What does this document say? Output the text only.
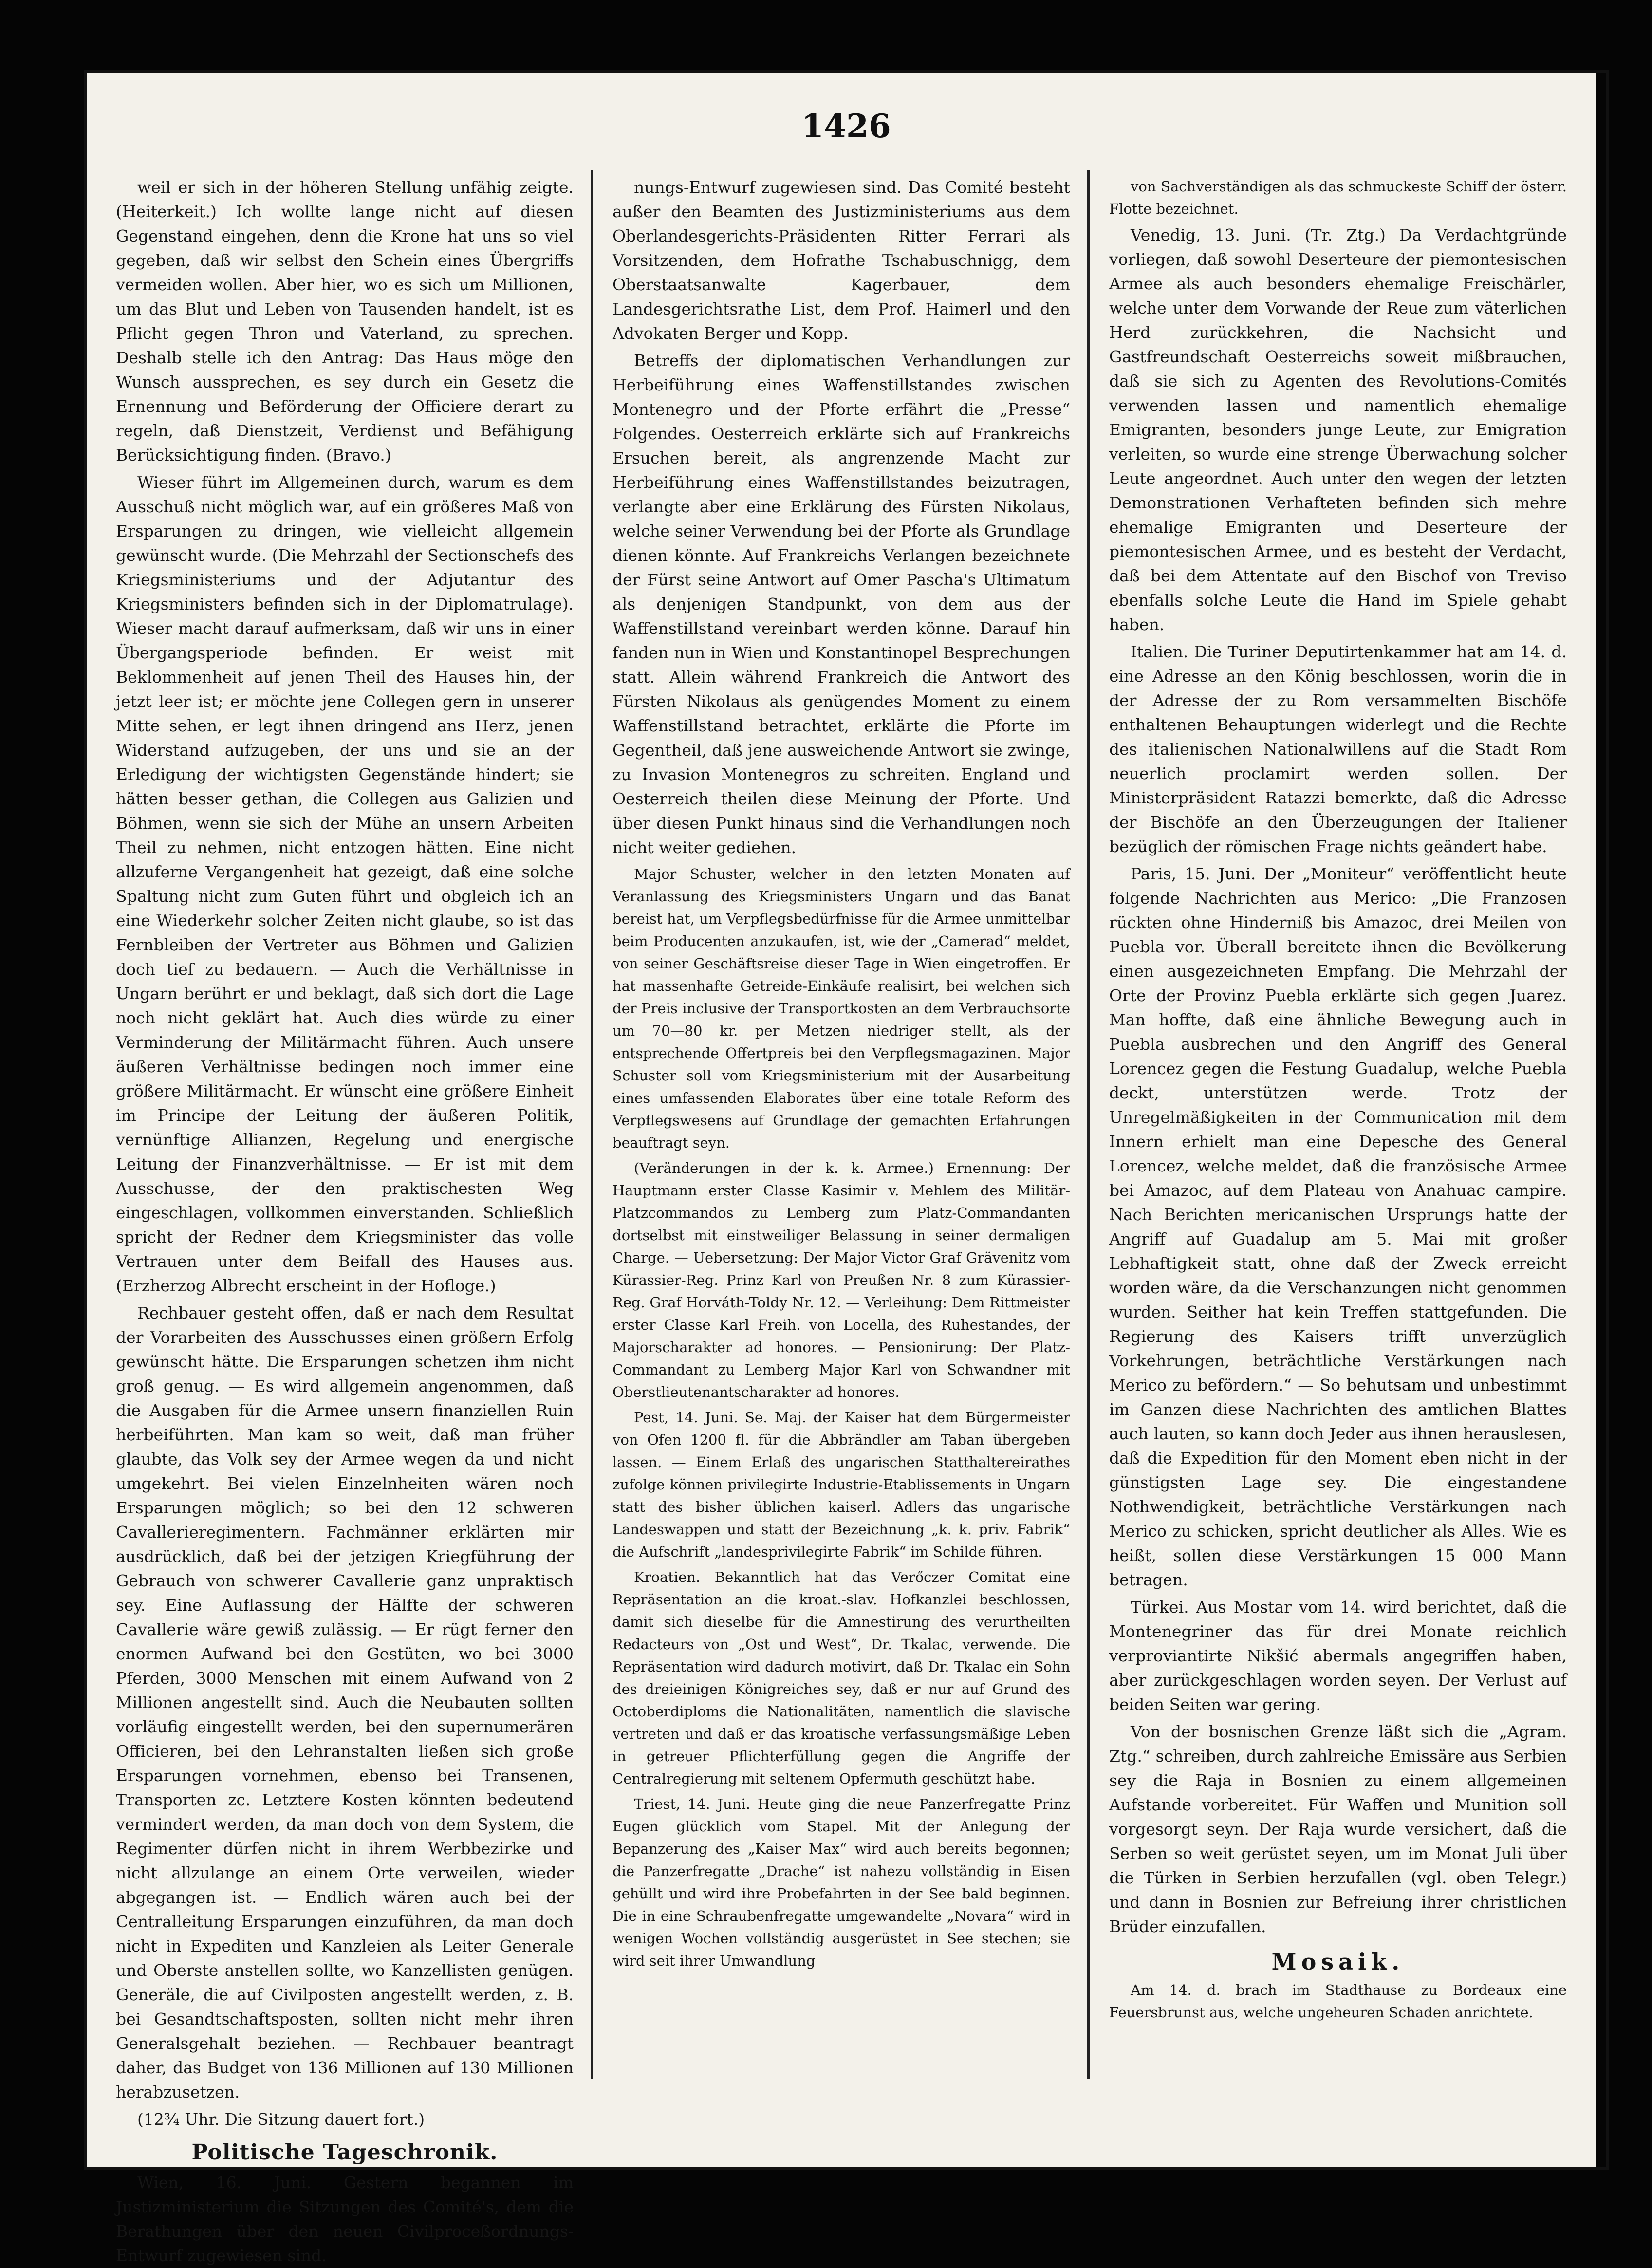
1426

weil er sich in der höheren Stellung unfähig zeigte. (Heiterkeit.) Ich wollte lange nicht auf diesen Gegenstand eingehen, denn die Krone hat uns so viel gegeben, daß wir selbst den Schein eines Übergriffs vermeiden wollen. Aber hier, wo es sich um Millionen, um das Blut und Leben von Tausenden handelt, ist es Pflicht gegen Thron und Vaterland, zu sprechen. Deshalb stelle ich den Antrag: Das Haus möge den Wunsch aussprechen, es sey durch ein Gesetz die Ernennung und Beförderung der Officiere derart zu regeln, daß Dienstzeit, Verdienst und Befähigung Berücksichtigung finden. (Bravo.)

Wieser führt im Allgemeinen durch, warum es dem Ausschuß nicht möglich war, auf ein größeres Maß von Ersparungen zu dringen, wie vielleicht allgemein gewünscht wurde. (Die Mehrzahl der Sectionschefs des Kriegsministeriums und der Adjutantur des Kriegsministers befinden sich in der Diplomatrulage). Wieser macht darauf aufmerksam, daß wir uns in einer Übergangsperiode befinden. Er weist mit Beklommenheit auf jenen Theil des Hauses hin, der jetzt leer ist; er möchte jene Collegen gern in unserer Mitte sehen, er legt ihnen dringend ans Herz, jenen Widerstand aufzugeben, der uns und sie an der Erledigung der wichtigsten Gegenstände hindert; sie hätten besser gethan, die Collegen aus Galizien und Böhmen, wenn sie sich der Mühe an unsern Arbeiten Theil zu nehmen, nicht entzogen hätten. Eine nicht allzuferne Vergangenheit hat gezeigt, daß eine solche Spaltung nicht zum Guten führt und obgleich ich an eine Wiederkehr solcher Zeiten nicht glaube, so ist das Fernbleiben der Vertreter aus Böhmen und Galizien doch tief zu bedauern. — Auch die Verhältnisse in Ungarn berührt er und beklagt, daß sich dort die Lage noch nicht geklärt hat. Auch dies würde zu einer Verminderung der Militärmacht führen. Auch unsere äußeren Verhältnisse bedingen noch immer eine größere Militärmacht. Er wünscht eine größere Einheit im Principe der Leitung der äußeren Politik, vernünftige Allianzen, Regelung und energische Leitung der Finanzverhältnisse. — Er ist mit dem Ausschusse, der den praktischesten Weg eingeschlagen, vollkommen einverstanden. Schließlich spricht der Redner dem Kriegsminister das volle Vertrauen unter dem Beifall des Hauses aus. (Erzherzog Albrecht erscheint in der Hofloge.)

Rechbauer gesteht offen, daß er nach dem Resultat der Vorarbeiten des Ausschusses einen größern Erfolg gewünscht hätte. Die Ersparungen schetzen ihm nicht groß genug. — Es wird allgemein angenommen, daß die Ausgaben für die Armee unsern finanziellen Ruin herbeiführten. Man kam so weit, daß man früher glaubte, das Volk sey der Armee wegen da und nicht umgekehrt. Bei vielen Einzelnheiten wären noch Ersparungen möglich; so bei den 12 schweren Cavallerieregimentern. Fachmänner erklärten mir ausdrücklich, daß bei der jetzigen Kriegführung der Gebrauch von schwerer Cavallerie ganz unpraktisch sey. Eine Auflassung der Hälfte der schweren Cavallerie wäre gewiß zulässig. — Er rügt ferner den enormen Aufwand bei den Gestüten, wo bei 3000 Pferden, 3000 Menschen mit einem Aufwand von 2 Millionen angestellt sind. Auch die Neubauten sollten vorläufig eingestellt werden, bei den supernumerären Officieren, bei den Lehranstalten ließen sich große Ersparungen vornehmen, ebenso bei Transenen, Transporten zc. Letztere Kosten könnten bedeutend vermindert werden, da man doch von dem System, die Regimenter dürfen nicht in ihrem Werbbezirke und nicht allzulange an einem Orte verweilen, wieder abgegangen ist. — Endlich wären auch bei der Centralleitung Ersparungen einzuführen, da man doch nicht in Expediten und Kanzleien als Leiter Generale und Oberste anstellen sollte, wo Kanzellisten genügen. Generäle, die auf Civilposten angestellt werden, z. B. bei Gesandtschaftsposten, sollten nicht mehr ihren Generalsgehalt beziehen. — Rechbauer beantragt daher, das Budget von 136 Millionen auf 130 Millionen herabzusetzen.

(12¾ Uhr. Die Sitzung dauert fort.)

Politische Tageschronik.

Wien, 16. Juni. Gestern begannen im Justizministerium die Sitzungen des Comité's, dem die Berathungen über den neuen Civilproceßordnungs-Entwurf zugewiesen sind.

nungs-Entwurf zugewiesen sind. Das Comité besteht außer den Beamten des Justizministeriums aus dem Oberlandesgerichts-Präsidenten Ritter Ferrari als Vorsitzenden, dem Hofrathe Tschabuschnigg, dem Oberstaatsanwalte Kagerbauer, dem Landesgerichtsrathe List, dem Prof. Haimerl und den Advokaten Berger und Kopp.

Betreffs der diplomatischen Verhandlungen zur Herbeiführung eines Waffenstillstandes zwischen Montenegro und der Pforte erfährt die „Presse“ Folgendes. Oesterreich erklärte sich auf Frankreichs Ersuchen bereit, als angrenzende Macht zur Herbeiführung eines Waffenstillstandes beizutragen, verlangte aber eine Erklärung des Fürsten Nikolaus, welche seiner Verwendung bei der Pforte als Grundlage dienen könnte. Auf Frankreichs Verlangen bezeichnete der Fürst seine Antwort auf Omer Pascha's Ultimatum als denjenigen Standpunkt, von dem aus der Waffenstillstand vereinbart werden könne. Darauf hin fanden nun in Wien und Konstantinopel Besprechungen statt. Allein während Frankreich die Antwort des Fürsten Nikolaus als genügendes Moment zu einem Waffenstillstand betrachtet, erklärte die Pforte im Gegentheil, daß jene ausweichende Antwort sie zwinge, zu Invasion Montenegros zu schreiten. England und Oesterreich theilen diese Meinung der Pforte. Und über diesen Punkt hinaus sind die Verhandlungen noch nicht weiter gediehen.

Major Schuster, welcher in den letzten Monaten auf Veranlassung des Kriegsministers Ungarn und das Banat bereist hat, um Verpflegsbedürfnisse für die Armee unmittelbar beim Producenten anzukaufen, ist, wie der „Camerad“ meldet, von seiner Geschäftsreise dieser Tage in Wien eingetroffen. Er hat massenhafte Getreide-Einkäufe realisirt, bei welchen sich der Preis inclusive der Transportkosten an dem Verbrauchsorte um 70—80 kr. per Metzen niedriger stellt, als der entsprechende Offertpreis bei den Verpflegsmagazinen. Major Schuster soll vom Kriegsministerium mit der Ausarbeitung eines umfassenden Elaborates über eine totale Reform des Verpflegswesens auf Grundlage der gemachten Erfahrungen beauftragt seyn.

(Veränderungen in der k. k. Armee.) Ernennung: Der Hauptmann erster Classe Kasimir v. Mehlem des Militär-Platzcommandos zu Lemberg zum Platz-Commandanten dortselbst mit einstweiliger Belassung in seiner dermaligen Charge. — Uebersetzung: Der Major Victor Graf Grävenitz vom Kürassier-Reg. Prinz Karl von Preußen Nr. 8 zum Kürassier-Reg. Graf Horváth-Toldy Nr. 12. — Verleihung: Dem Rittmeister erster Classe Karl Freih. von Locella, des Ruhestandes, der Majorscharakter ad honores. — Pensionirung: Der Platz-Commandant zu Lemberg Major Karl von Schwandner mit Oberstlieutenantscharakter ad honores.

Pest, 14. Juni. Se. Maj. der Kaiser hat dem Bürgermeister von Ofen 1200 fl. für die Abbrändler am Taban übergeben lassen. — Einem Erlaß des ungarischen Statthaltereirathes zufolge können privilegirte Industrie-Etablissements in Ungarn statt des bisher üblichen kaiserl. Adlers das ungarische Landeswappen und statt der Bezeichnung „k. k. priv. Fabrik“ die Aufschrift „landesprivilegirte Fabrik“ im Schilde führen.

Kroatien. Bekanntlich hat das Verőczer Comitat eine Repräsentation an die kroat.-slav. Hofkanzlei beschlossen, damit sich dieselbe für die Amnestirung des verurtheilten Redacteurs von „Ost und West“, Dr. Tkalac, verwende. Die Repräsentation wird dadurch motivirt, daß Dr. Tkalac ein Sohn des dreieinigen Königreiches sey, daß er nur auf Grund des Octoberdiploms die Nationalitäten, namentlich die slavische vertreten und daß er das kroatische verfassungsmäßige Leben in getreuer Pflichterfüllung gegen die Angriffe der Centralregierung mit seltenem Opfermuth geschützt habe.

Triest, 14. Juni. Heute ging die neue Panzerfregatte Prinz Eugen glücklich vom Stapel. Mit der Anlegung der Bepanzerung des „Kaiser Max“ wird auch bereits begonnen; die Panzerfregatte „Drache“ ist nahezu vollständig in Eisen gehüllt und wird ihre Probefahrten in der See bald beginnen. Die in eine Schraubenfregatte umgewandelte „Novara“ wird in wenigen Wochen vollständig ausgerüstet in See stechen; sie wird seit ihrer Umwandlung

von Sachverständigen als das schmuckeste Schiff der österr. Flotte bezeichnet.

Venedig, 13. Juni. (Tr. Ztg.) Da Verdachtgründe vorliegen, daß sowohl Deserteure der piemontesischen Armee als auch besonders ehemalige Freischärler, welche unter dem Vorwande der Reue zum väterlichen Herd zurückkehren, die Nachsicht und Gastfreundschaft Oesterreichs soweit mißbrauchen, daß sie sich zu Agenten des Revolutions-Comités verwenden lassen und namentlich ehemalige Emigranten, besonders junge Leute, zur Emigration verleiten, so wurde eine strenge Überwachung solcher Leute angeordnet. Auch unter den wegen der letzten Demonstrationen Verhafteten befinden sich mehre ehemalige Emigranten und Deserteure der piemontesischen Armee, und es besteht der Verdacht, daß bei dem Attentate auf den Bischof von Treviso ebenfalls solche Leute die Hand im Spiele gehabt haben.

Italien. Die Turiner Deputirtenkammer hat am 14. d. eine Adresse an den König beschlossen, worin die in der Adresse der zu Rom versammelten Bischöfe enthaltenen Behauptungen widerlegt und die Rechte des italienischen Nationalwillens auf die Stadt Rom neuerlich proclamirt werden sollen. Der Ministerpräsident Ratazzi bemerkte, daß die Adresse der Bischöfe an den Überzeugungen der Italiener bezüglich der römischen Frage nichts geändert habe.

Paris, 15. Juni. Der „Moniteur“ veröffentlicht heute folgende Nachrichten aus Merico: „Die Franzosen rückten ohne Hinderniß bis Amazoc, drei Meilen von Puebla vor. Überall bereitete ihnen die Bevölkerung einen ausgezeichneten Empfang. Die Mehrzahl der Orte der Provinz Puebla erklärte sich gegen Juarez. Man hoffte, daß eine ähnliche Bewegung auch in Puebla ausbrechen und den Angriff des General Lorencez gegen die Festung Guadalup, welche Puebla deckt, unterstützen werde. Trotz der Unregelmäßigkeiten in der Communication mit dem Innern erhielt man eine Depesche des General Lorencez, welche meldet, daß die französische Armee bei Amazoc, auf dem Plateau von Anahuac campire. Nach Berichten mericanischen Ursprungs hatte der Angriff auf Guadalup am 5. Mai mit großer Lebhaftigkeit statt, ohne daß der Zweck erreicht worden wäre, da die Verschanzungen nicht genommen wurden. Seither hat kein Treffen stattgefunden. Die Regierung des Kaisers trifft unverzüglich Vorkehrungen, beträchtliche Verstärkungen nach Merico zu befördern.“ — So behutsam und unbestimmt im Ganzen diese Nachrichten des amtlichen Blattes auch lauten, so kann doch Jeder aus ihnen herauslesen, daß die Expedition für den Moment eben nicht in der günstigsten Lage sey. Die eingestandene Nothwendigkeit, beträchtliche Verstärkungen nach Merico zu schicken, spricht deutlicher als Alles. Wie es heißt, sollen diese Verstärkungen 15 000 Mann betragen.

Türkei. Aus Mostar vom 14. wird berichtet, daß die Montenegriner das für drei Monate reichlich verproviantirte Nikšić abermals angegriffen haben, aber zurückgeschlagen worden seyen. Der Verlust auf beiden Seiten war gering.

Von der bosnischen Grenze läßt sich die „Agram. Ztg.“ schreiben, durch zahlreiche Emissäre aus Serbien sey die Raja in Bosnien zu einem allgemeinen Aufstande vorbereitet. Für Waffen und Munition soll vorgesorgt seyn. Der Raja wurde versichert, daß die Serben so weit gerüstet seyen, um im Monat Juli über die Türken in Serbien herzufallen (vgl. oben Telegr.) und dann in Bosnien zur Befreiung ihrer christlichen Brüder einzufallen.

Mosaik.

Am 14. d. brach im Stadthause zu Bordeaux eine Feuersbrunst aus, welche ungeheuren Schaden anrichtete.
